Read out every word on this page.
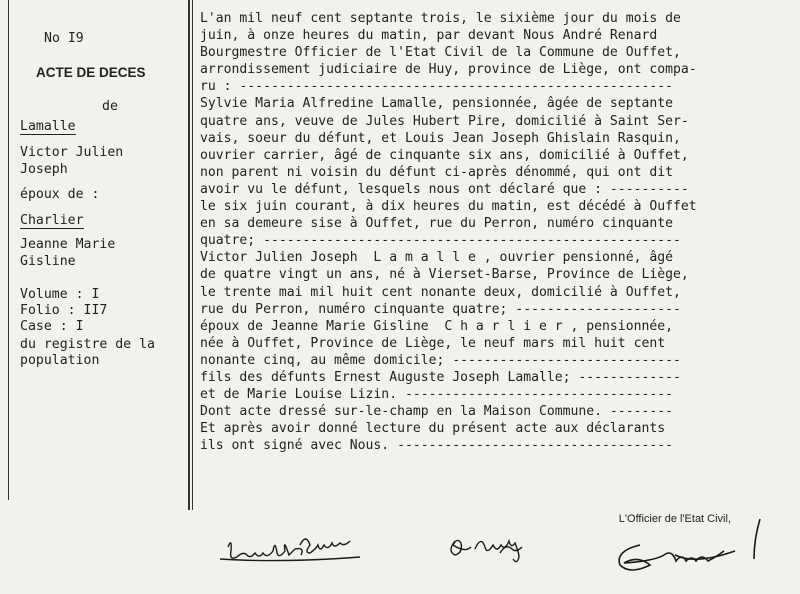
No I9
ACTE DE DECES
de
Lamalle
Victor Julien
Joseph
époux de :
Charlier
Jeanne Marie
Gisline
Volume : I
Folio : II7
Case : I
du registre de la
population
L'an mil neuf cent septante trois, le sixième jour du mois de
juin, à onze heures du matin, par devant Nous André Renard
Bourgmestre Officier de l'Etat Civil de la Commune de Ouffet,
arrondissement judiciaire de Huy, province de Liège, ont compa-
ru : -------------------------------------------------------
Sylvie Maria Alfredine Lamalle, pensionnée, âgée de septante
quatre ans, veuve de Jules Hubert Pire, domicilié à Saint Ser-
vais, soeur du défunt, et Louis Jean Joseph Ghislain Rasquin,
ouvrier carrier, âgé de cinquante six ans, domicilié à Ouffet,
non parent ni voisin du défunt ci-après dénommé, qui ont dit
avoir vu le défunt, lesquels nous ont déclaré que : ----------
le six juin courant, à dix heures du matin, est décédé à Ouffet
en sa demeure sise à Ouffet, rue du Perron, numéro cinquante
quatre; -----------------------------------------------------
Victor Julien Joseph  L a m a l l e , ouvrier pensionné, âgé
de quatre vingt un ans, né à Vierset-Barse, Province de Liège,
le trente mai mil huit cent nonante deux, domicilié à Ouffet,
rue du Perron, numéro cinquante quatre; ---------------------
époux de Jeanne Marie Gisline  C h a r l i e r , pensionnée,
née à Ouffet, Province de Liège, le neuf mars mil huit cent
nonante cinq, au même domicile; -----------------------------
fils des défunts Ernest Auguste Joseph Lamalle; -------------
et de Marie Louise Lizin. ----------------------------------
Dont acte dressé sur-le-champ en la Maison Commune. --------
Et après avoir donné lecture du présent acte aux déclarants
ils ont signé avec Nous. -----------------------------------
L'Officier de l'Etat Civil,
